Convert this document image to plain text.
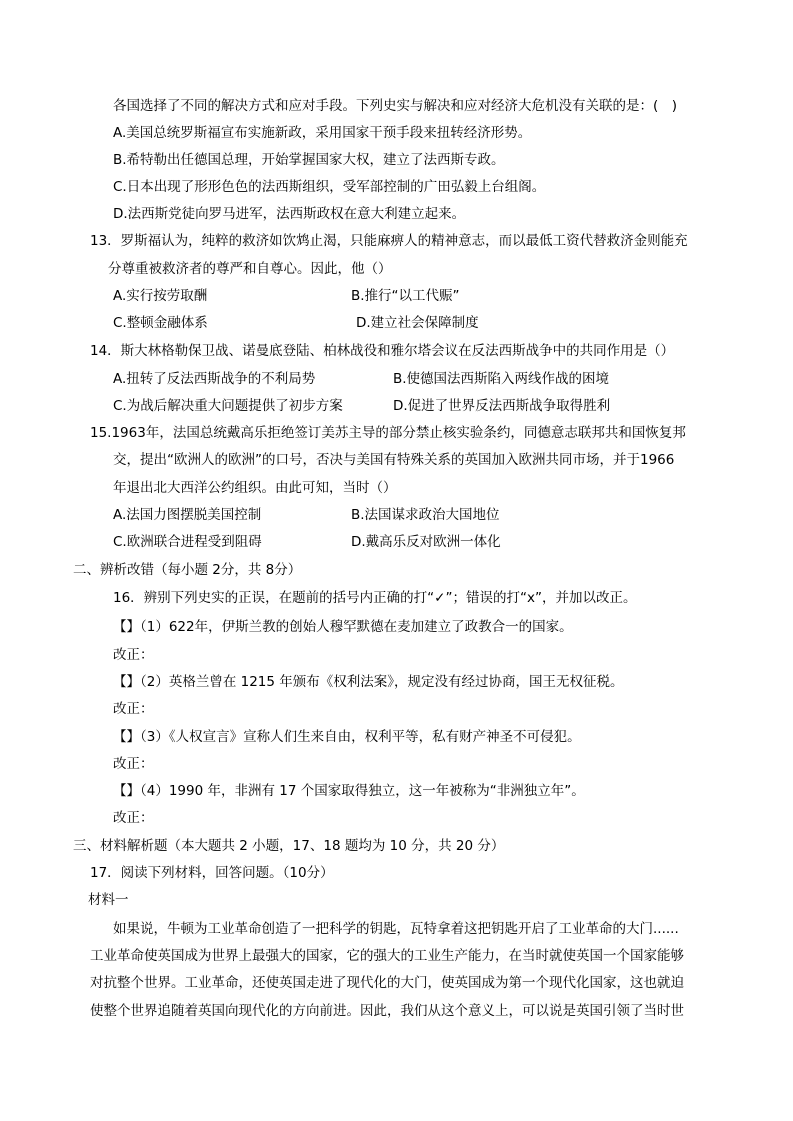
各国选择了不同的解决方式和应对手段。下列史实与解决和应对经济大危机没有关联的是：(　)
A.美国总统罗斯福宣布实施新政，采用国家干预手段来扭转经济形势。
B.希特勒出任德国总理，开始掌握国家大权，建立了法西斯专政。
C.日本出现了形形色色的法西斯组织，受军部控制的广田弘毅上台组阁。
D.法西斯党徒向罗马进军，法西斯政权在意大利建立起来。
13．罗斯福认为，纯粹的救济如饮鸩止渴，只能麻痹人的精神意志，而以最低工资代替救济金则能充
分尊重被救济者的尊严和自尊心。因此，他（）
A.实行按劳取酬	B.推行“以工代赈”
C.整顿金融体系	D.建立社会保障制度
14．斯大林格勒保卫战、诺曼底登陆、柏林战役和雅尔塔会议在反法西斯战争中的共同作用是（）
A.扭转了反法西斯战争的不利局势	B.使德国法西斯陷入两线作战的困境
C.为战后解决重大问题提供了初步方案	D.促进了世界反法西斯战争取得胜利
15.1963年，法国总统戴高乐拒绝签订美苏主导的部分禁止核实验条约，同德意志联邦共和国恢复邦
交，提出“欧洲人的欧洲”的口号，否决与美国有特殊关系的英国加入欧洲共同市场，并于1966
年退出北大西洋公约组织。由此可知，当时（）
A.法国力图摆脱美国控制	B.法国谋求政治大国地位
C.欧洲联合进程受到阻碍	D.戴高乐反对欧洲一体化
二、辨析改错（每小题 2分，共 8分）
16．辨别下列史实的正误，在题前的括号内正确的打“✓”；错误的打“x”，并加以改正。
【】（1）622年，伊斯兰教的创始人穆罕默德在麦加建立了政教合一的国家。
改正：
【】（2）英格兰曾在 1215 年颁布《权利法案》，规定没有经过协商，国王无权征税。
改正：
【】（3）《人权宣言》宣称人们生来自由，权利平等，私有财产神圣不可侵犯。
改正：
【】（4）1990 年，非洲有 17 个国家取得独立，这一年被称为“非洲独立年”。
改正：
三、材料解析题（本大题共 2 小题，17、18 题均为 10 分，共 20 分）
17．阅读下列材料，回答问题。（10分）
材料一
如果说，牛顿为工业革命创造了一把科学的钥匙，瓦特拿着这把钥匙开启了工业革命的大门......
工业革命使英国成为世界上最强大的国家，它的强大的工业生产能力，在当时就使英国一个国家能够
对抗整个世界。工业革命，还使英国走进了现代化的大门，使英国成为第一个现代化国家，这也就迫
使整个世界追随着英国向现代化的方向前进。因此，我们从这个意义上，可以说是英国引领了当时世
